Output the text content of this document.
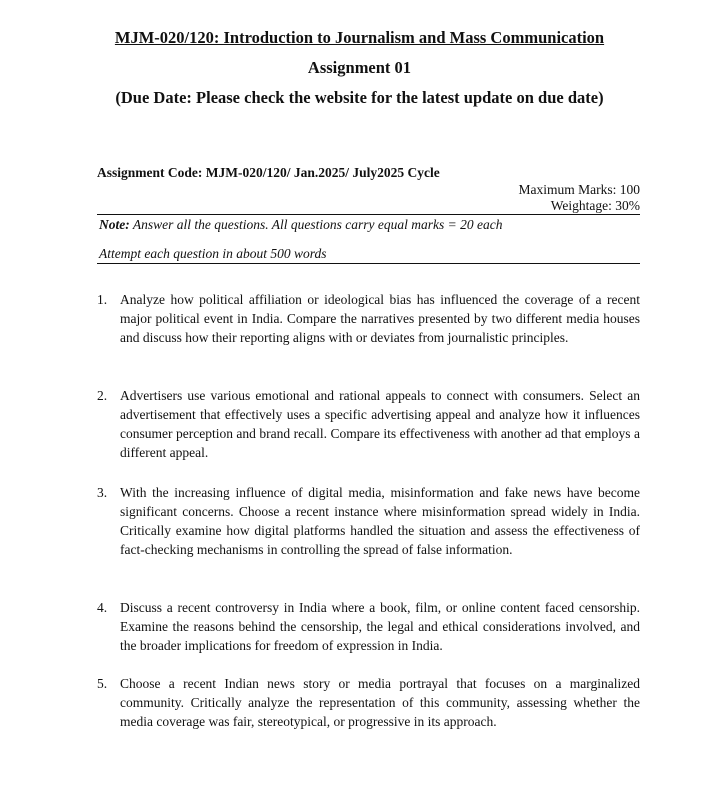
MJM-020/120: Introduction to Journalism and Mass Communication
Assignment 01
(Due Date: Please check the website for the latest update on due date)
Assignment Code: MJM-020/120/ Jan.2025/ July2025 Cycle
Maximum Marks: 100
Weightage: 30%
Note: Answer all the questions. All questions carry equal marks = 20 each
Attempt each question in about 500 words
1. Analyze how political affiliation or ideological bias has influenced the coverage of a recent major political event in India. Compare the narratives presented by two different media houses and discuss how their reporting aligns with or deviates from journalistic principles.
2. Advertisers use various emotional and rational appeals to connect with consumers. Select an advertisement that effectively uses a specific advertising appeal and analyze how it influences consumer perception and brand recall. Compare its effectiveness with another ad that employs a different appeal.
3. With the increasing influence of digital media, misinformation and fake news have become significant concerns. Choose a recent instance where misinformation spread widely in India. Critically examine how digital platforms handled the situation and assess the effectiveness of fact-checking mechanisms in controlling the spread of false information.
4. Discuss a recent controversy in India where a book, film, or online content faced censorship. Examine the reasons behind the censorship, the legal and ethical considerations involved, and the broader implications for freedom of expression in India.
5. Choose a recent Indian news story or media portrayal that focuses on a marginalized community. Critically analyze the representation of this community, assessing whether the media coverage was fair, stereotypical, or progressive in its approach.
